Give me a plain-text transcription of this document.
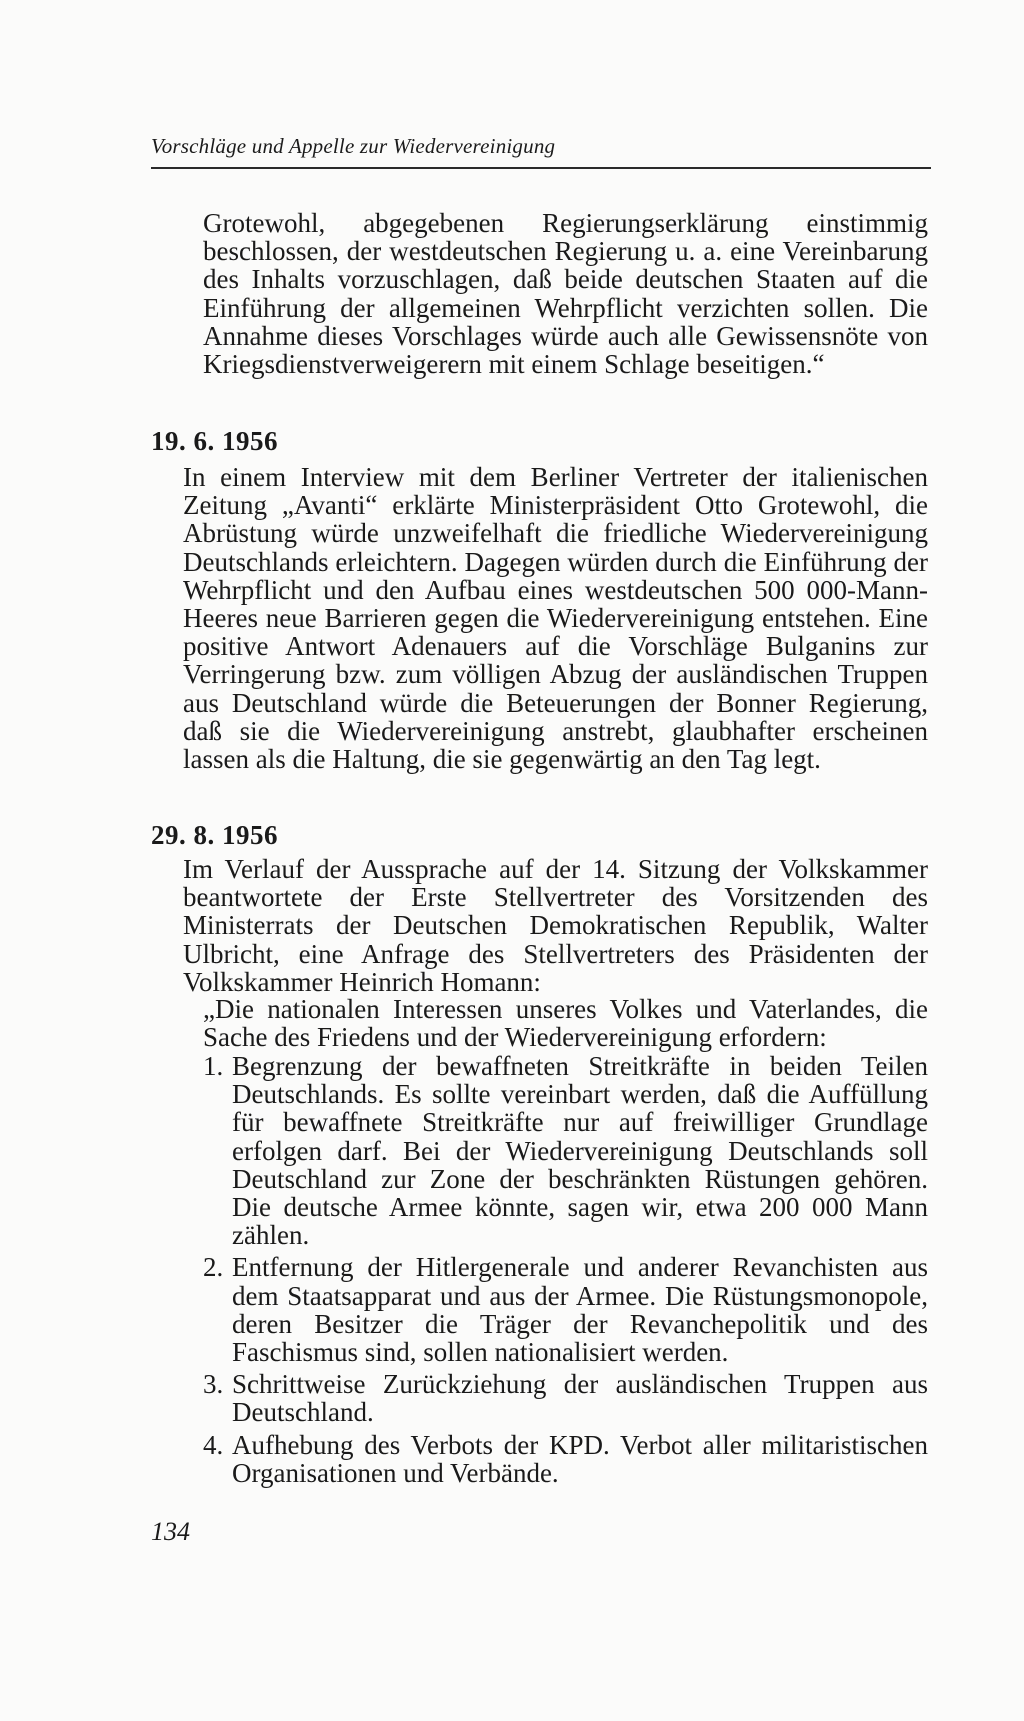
Vorschläge und Appelle zur Wiedervereinigung

Grotewohl, abgegebenen Regierungserklärung einstimmig beschlossen, der westdeutschen Regierung u. a. eine Vereinbarung des Inhalts vorzuschlagen, daß beide deutschen Staaten auf die Einführung der allgemeinen Wehrpflicht verzichten sollen. Die Annahme dieses Vorschlages würde auch alle Gewissensnöte von Kriegsdienstverweigerern mit einem Schlage beseitigen.“

19. 6. 1956

In einem Interview mit dem Berliner Vertreter der italienischen Zeitung „Avanti“ erklärte Ministerpräsident Otto Grotewohl, die Abrüstung würde unzweifelhaft die friedliche Wiedervereinigung Deutschlands erleichtern. Dagegen würden durch die Einführung der Wehrpflicht und den Aufbau eines westdeutschen 500 000-Mann-Heeres neue Barrieren gegen die Wiedervereinigung entstehen. Eine positive Antwort Adenauers auf die Vorschläge Bulganins zur Verringerung bzw. zum völligen Abzug der ausländischen Truppen aus Deutschland würde die Beteuerungen der Bonner Regierung, daß sie die Wiedervereinigung anstrebt, glaubhafter erscheinen lassen als die Haltung, die sie gegenwärtig an den Tag legt.

29. 8. 1956

Im Verlauf der Aussprache auf der 14. Sitzung der Volkskammer beantwortete der Erste Stellvertreter des Vorsitzenden des Ministerrats der Deutschen Demokratischen Republik, Walter Ulbricht, eine Anfrage des Stellvertreters des Präsidenten der Volkskammer Heinrich Homann:

„Die nationalen Interessen unseres Volkes und Vaterlandes, die Sache des Friedens und der Wiedervereinigung erfordern:
1. Begrenzung der bewaffneten Streitkräfte in beiden Teilen Deutschlands. Es sollte vereinbart werden, daß die Auffüllung für bewaffnete Streitkräfte nur auf freiwilliger Grundlage erfolgen darf. Bei der Wiedervereinigung Deutschlands soll Deutschland zur Zone der beschränkten Rüstungen gehören. Die deutsche Armee könnte, sagen wir, etwa 200 000 Mann zählen.
2. Entfernung der Hitlergenerale und anderer Revanchisten aus dem Staatsapparat und aus der Armee. Die Rüstungsmonopole, deren Besitzer die Träger der Revanchepolitik und des Faschismus sind, sollen nationalisiert werden.
3. Schrittweise Zurückziehung der ausländischen Truppen aus Deutschland.
4. Aufhebung des Verbots der KPD. Verbot aller militaristischen Organisationen und Verbände.
134
